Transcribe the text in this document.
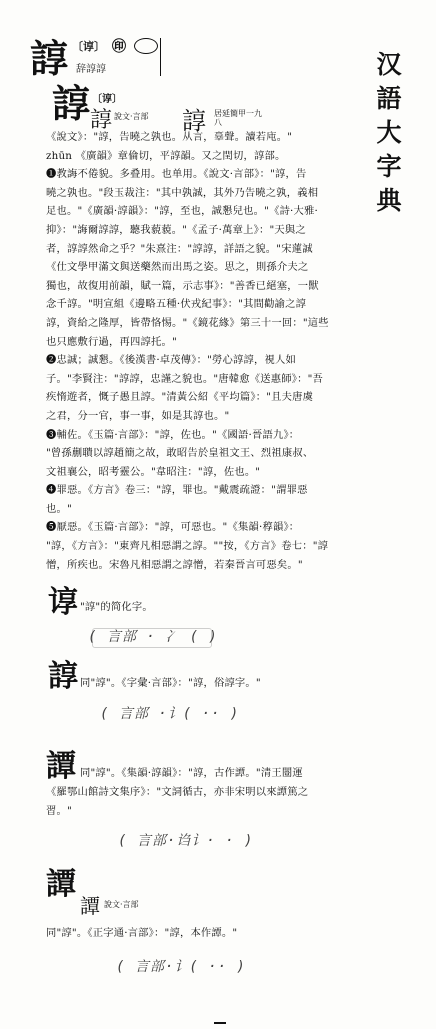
汉
語
大
字
典
諄 〔谆〕 ㊞
辞諄諄
諄 〔谆〕
諄 說文·言部 諄 居延簡甲一九八
《說文》："諄，告曉之孰也。从言，𦎧聲。讀若庉。"
zhūn 《廣韻》章倫切，平諄韻。又之閏切，諄部。
❶教誨不倦貌。多叠用。也单用。《說文·言部》："諄，告
曉之孰也。"段玉裁注："其中孰誠，其外乃告曉之孰，義相
足也。"《廣韻·諄韻》："諄，至也，誠懇兒也。"《詩·大雅·
抑》："誨爾諄諄，聽我藐藐。"《孟子·萬章上》："天與之
者，諄諄然命之乎？"朱熹注："諄諄，詳語之貌。"宋蓮誠
《仕文學甲滿文與送藥然而出馬之姿。思之，則孫介夫之
獨也，故復用前韻，賦一篇，示志事》："善香已絕塞，一獸
念千諄。"明宣組《邊略五種·伏戎紀事》："其間勸諭之諄
諄，資給之隆厚，皆帶恪惕。"《鏡花緣》第三十一回："這些
也只應敷行過，再四諄托。"
❷忠誠；誠懇。《後漢書·卓茂傳》："勞心諄諄，視人如
子。"李賢注："諄諄，忠謹之貌也。"唐韓愈《送惠師》："吾
疾惰遊者，慨子愚且諄。"清黃公紹《平均篇》："且夫唐虞
之君，分一官，事一事，如是其諄也。"
❸輔佐。《玉篇·言部》："諄，佐也。"《國語·晉語九》：
"曾孫蒯聵以諄趙簡之故，敢昭告於皇祖文王、烈祖康叔、
文祖襄公，昭考靈公。"韋昭注："諄，佐也。"
❹罪惡。《方言》卷三："諄，罪也。"戴震疏證："謂罪惡
也。"
❺厭惡。《玉篇·言部》："諄，可惡也。"《集韻·稕韻》：
"諄，《方言》："東齊凡相惡謂之諄。""按，《方言》卷七："諄
憎，所疾也。宋魯凡相惡謂之諄憎，若秦晉言可惡矣。"
谆 "諄"的简化字。
( 言部 · 冫 ( )
諄 同"諄"。《字彙·言部》："諄，俗諄字。"
( 言部 ·讠( ·· )
譚 同"諄"。《集韻·諄韻》："諄，古作譚。"清王闓運
《羅鄂山館詩文集序》："文詞循古，亦非宋明以來譚篤之
習。"
( 言部·诌讠· · )
譚
譚 說文·言部
同"諄"。《正字通·言部》："諄，本作譚。"
( 言部·讠( ·· )
